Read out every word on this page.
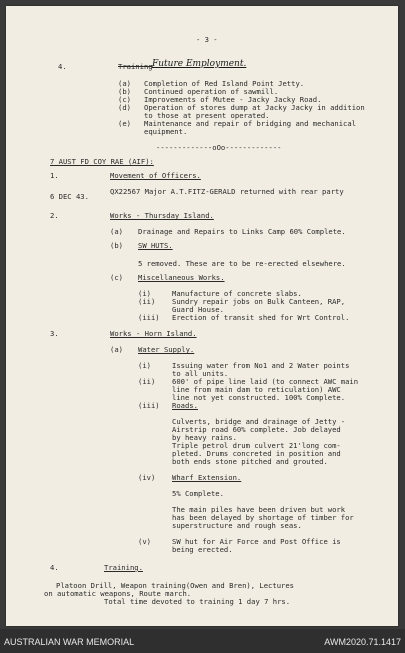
- 3 -
4.	Training Future Employment.
(a) Completion of Red Island Point Jetty.
(b) Continued operation of sawmill.
(c) Improvements of Mutee - Jacky Jacky Road.
(d) Operation of stores dump at Jacky Jacky in addition
to those at present operated.
(e) Maintenance and repair of bridging and mechanical
equipment.
-------------oOo-------------
7 AUST FD COY RAE (AIF):
1.	Movement of Officers.
6 DEC 43.
QX22567 Major A.T.FITZ-GERALD returned with rear party
2.	Works - Thursday Island.
(a) Drainage and Repairs to Links Camp 60% Complete.
(b) SW HUTS.
5 removed. These are to be re-erected elsewhere.
(c) Miscellaneous Works.
(i)	Manufacture of concrete slabs.
(ii) Sundry repair jobs on Bulk Canteen, RAP,
Guard House.
(iii) Erection of transit shed for Wrt Control.
3.	Works - Horn Island.
(a) Water Supply.
(i)	Issuing water from No1 and 2 Water points
to all units.
(ii) 600' of pipe line laid (to connect AWC main
line from main dam to reticulation) AWC
line not yet constructed. 100% Complete.
(iii) Roads.
Culverts, bridge and drainage of Jetty -
Airstrip road 60% complete. Job delayed
by heavy rains.
Triple petrol drum culvert 21'long com-
pleted. Drums concreted in position and
both ends stone pitched and grouted.
(iv) Wharf Extension.
5% Complete.
The main piles have been driven but work
has been delayed by shortage of timber for
superstructure and rough seas.
(v)	SW hut for Air Force and Post Office is
being erected.
4.	Training.
Platoon Drill, Weapon training(Owen and Bren), Lectures
on automatic weapons, Route march.
Total time devoted to training 1 day 7 hrs.
AUSTRALIAN WAR MEMORIAL	AWM2020.71.1417
